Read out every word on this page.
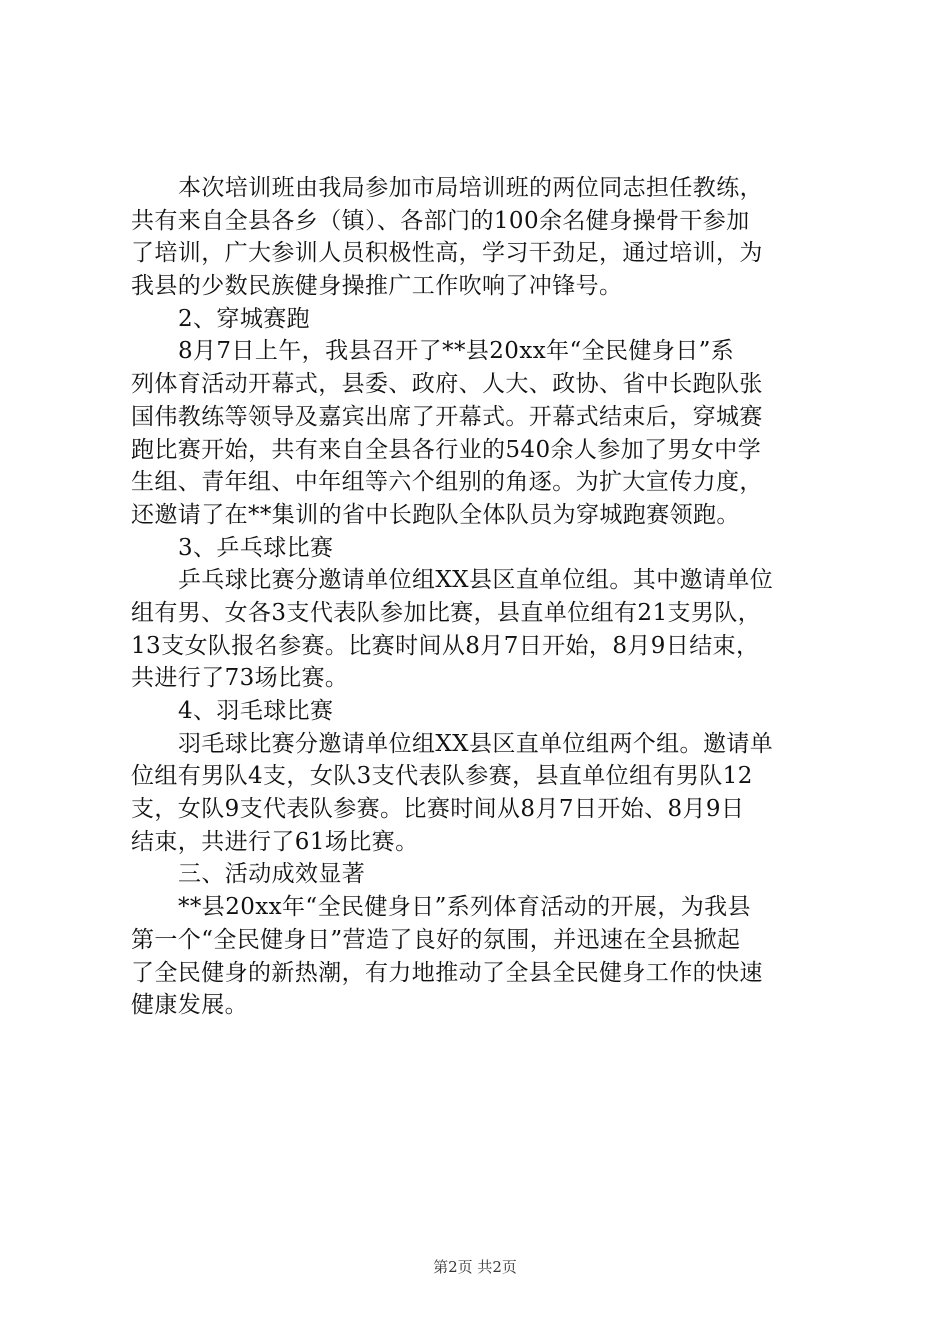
本次培训班由我局参加市局培训班的两位同志担任教练，
共有来自全县各乡（镇）、各部门的100余名健身操骨干参加
了培训，广大参训人员积极性高，学习干劲足，通过培训，为
我县的少数民族健身操推广工作吹响了冲锋号。
2、穿城赛跑
8月7日上午，我县召开了**县20xx年“全民健身日”系
列体育活动开幕式，县委、政府、人大、政协、省中长跑队张
国伟教练等领导及嘉宾出席了开幕式。开幕式结束后，穿城赛
跑比赛开始，共有来自全县各行业的540余人参加了男女中学
生组、青年组、中年组等六个组别的角逐。为扩大宣传力度，
还邀请了在**集训的省中长跑队全体队员为穿城跑赛领跑。
3、乒乓球比赛
乒乓球比赛分邀请单位组XX县区直单位组。其中邀请单位
组有男、女各3支代表队参加比赛，县直单位组有21支男队，
13支女队报名参赛。比赛时间从8月7日开始，8月9日结束，
共进行了73场比赛。
4、羽毛球比赛
羽毛球比赛分邀请单位组XX县区直单位组两个组。邀请单
位组有男队4支，女队3支代表队参赛，县直单位组有男队12
支，女队9支代表队参赛。比赛时间从8月7日开始、8月9日
结束，共进行了61场比赛。
三、活动成效显著
**县20xx年“全民健身日”系列体育活动的开展，为我县
第一个“全民健身日”营造了良好的氛围，并迅速在全县掀起
了全民健身的新热潮，有力地推动了全县全民健身工作的快速
健康发展。
第2页 共2页
